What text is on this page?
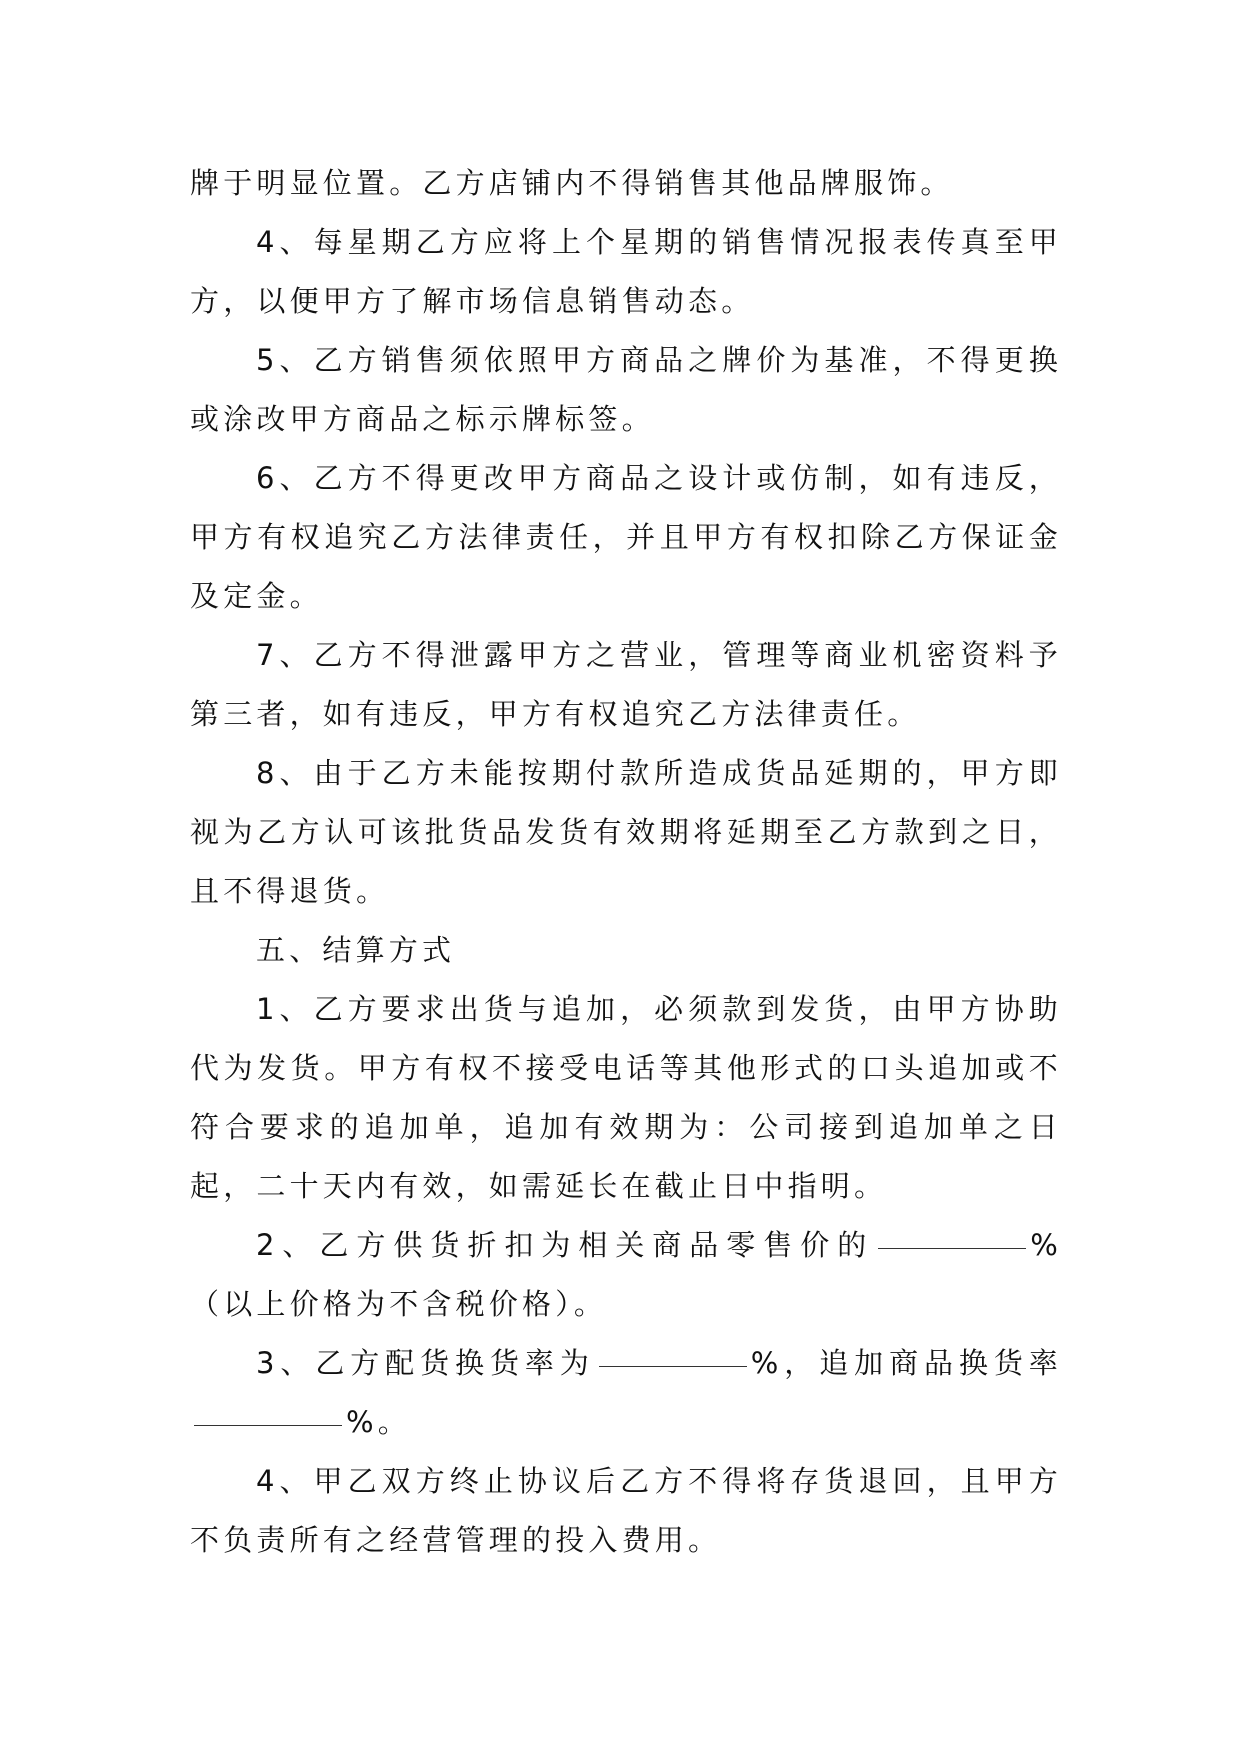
牌于明显位置。乙方店铺内不得销售其他品牌服饰。

4、每星期乙方应将上个星期的销售情况报表传真至甲方，以便甲方了解市场信息销售动态。

5、乙方销售须依照甲方商品之牌价为基准，不得更换或涂改甲方商品之标示牌标签。

6、乙方不得更改甲方商品之设计或仿制，如有违反，甲方有权追究乙方法律责任，并且甲方有权扣除乙方保证金及定金。

7、乙方不得泄露甲方之营业，管理等商业机密资料予第三者，如有违反，甲方有权追究乙方法律责任。

8、由于乙方未能按期付款所造成货品延期的，甲方即视为乙方认可该批货品发货有效期将延期至乙方款到之日，且不得退货。

五、结算方式

1、乙方要求出货与追加，必须款到发货，由甲方协助代为发货。甲方有权不接受电话等其他形式的口头追加或不符合要求的追加单，追加有效期为：公司接到追加单之日起，二十天内有效，如需延长在截止日中指明。

2、乙方供货折扣为相关商品零售价的	%（以上价格为不含税价格）。

3、乙方配货换货率为	%，追加商品换货率%。

4、甲乙双方终止协议后乙方不得将存货退回，且甲方不负责所有之经营管理的投入费用。
